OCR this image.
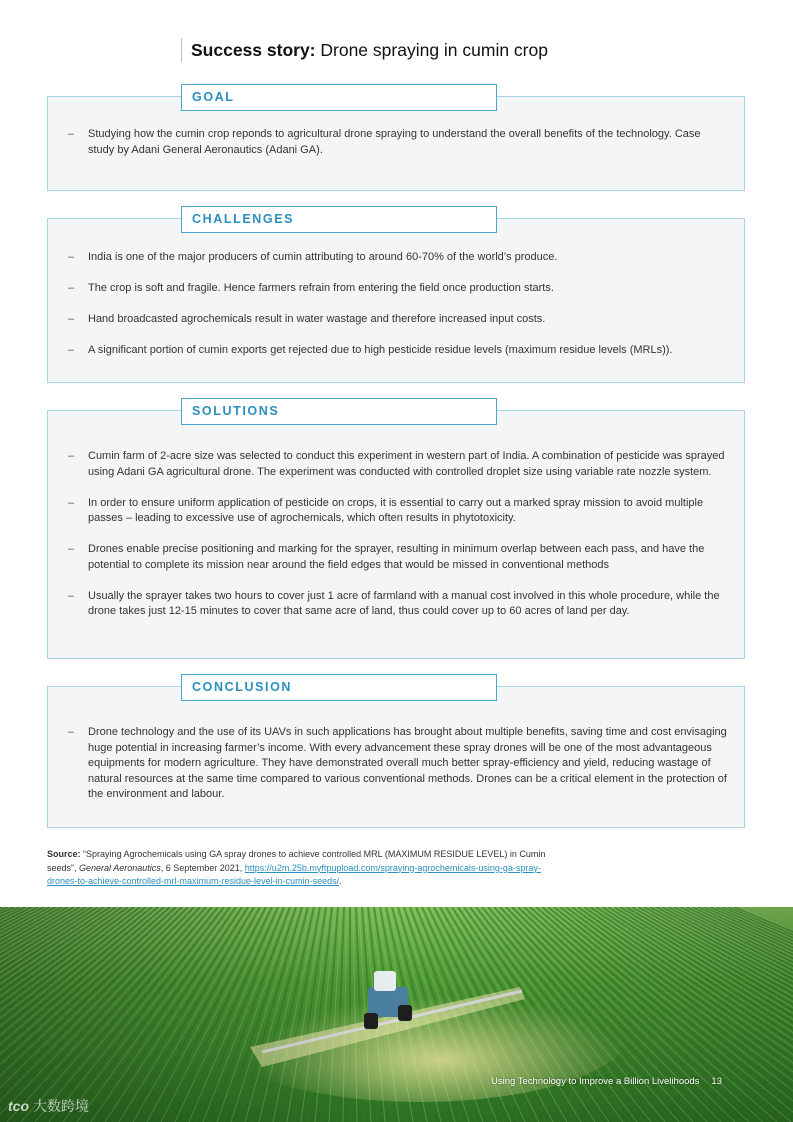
Success story: Drone spraying in cumin crop
– Studying how the cumin crop reponds to agricultural drone spraying to understand the overall benefits of the technology. Case study by Adani General Aeronautics (Adani GA).
GOAL
– India is one of the major producers of cumin attributing to around 60-70% of the world’s produce.
– The crop is soft and fragile. Hence farmers refrain from entering the field once production starts.
– Hand broadcasted agrochemicals result in water wastage and therefore increased input costs.
– A significant portion of cumin exports get rejected due to high pesticide residue levels (maximum residue levels (MRLs)).
CHALLENGES
– Cumin farm of 2-acre size was selected to conduct this experiment in western part of India. A combination of pesticide was sprayed using Adani GA agricultural drone. The experiment was conducted with controlled droplet size using variable rate nozzle system.
– In order to ensure uniform application of pesticide on crops, it is essential to carry out a marked spray mission to avoid multiple passes – leading to excessive use of agrochemicals, which often results in phytotoxicity.
– Drones enable precise positioning and marking for the sprayer, resulting in minimum overlap between each pass, and have the potential to complete its mission near around the field edges that would be missed in conventional methods
– Usually the sprayer takes two hours to cover just 1 acre of farmland with a manual cost involved in this whole procedure, while the drone takes just 12-15 minutes to cover that same acre of land, thus could cover up to 60 acres of land per day.
SOLUTIONS
– Drone technology and the use of its UAVs in such applications has brought about multiple benefits, saving time and cost envisaging huge potential in increasing farmer’s income. With every advancement these spray drones will be one of the most advantageous equipments for modern agriculture. They have demonstrated overall much better spray-efficiency and yield, reducing wastage of natural resources at the same time compared to various conventional methods. Drones can be a critical element in the protection of the environment and labour.
CONCLUSION
Source: “Spraying Agrochemicals using GA spray drones to achieve controlled MRL (MAXIMUM RESIDUE LEVEL) in Cumin seeds”, General Aeronautics, 6 September 2021, https://u2m.25b.myftpupload.com/spraying-agrochemicals-using-ga-spray-drones-to-achieve-controlled-mrl-maximum-residue-level-in-cumin-seeds/.
Using Technology to Improve a Billion Livelihoods 13
tco 大数跨境
